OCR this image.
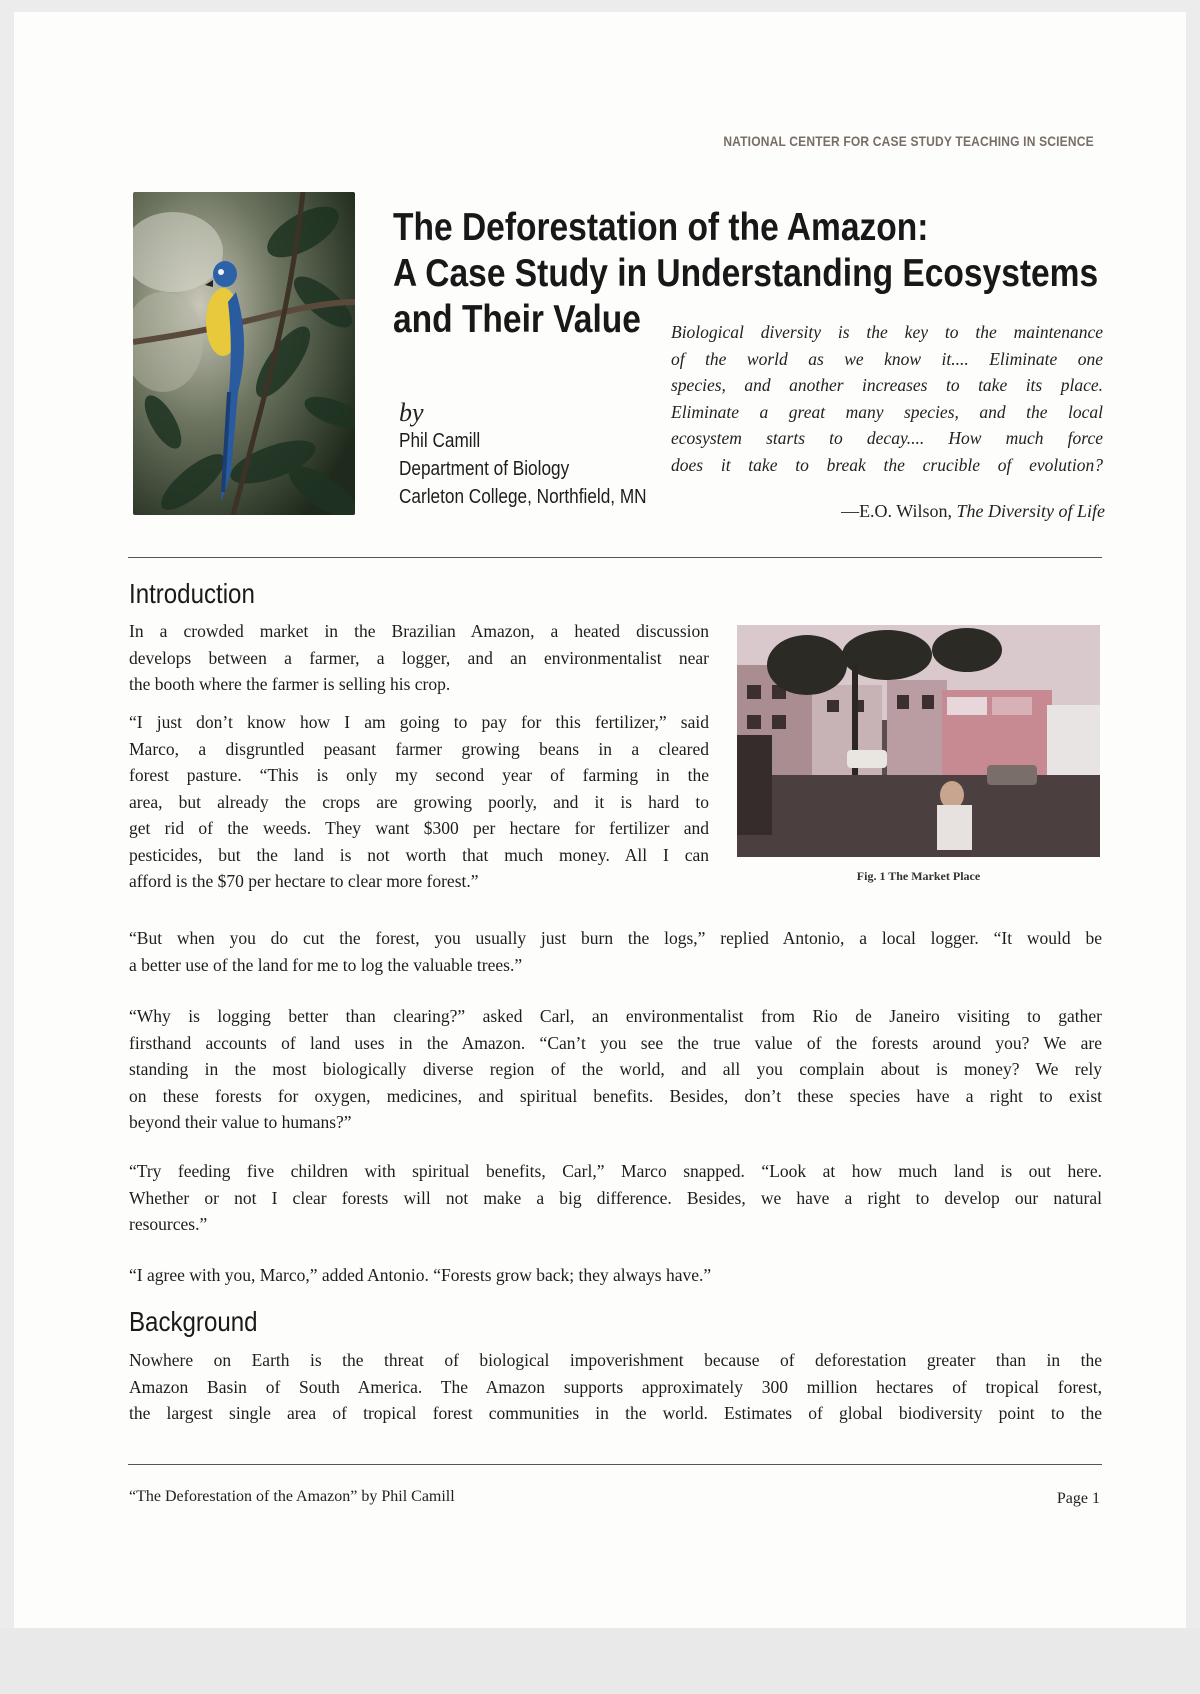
NATIONAL CENTER FOR CASE STUDY TEACHING IN SCIENCE
The Deforestation of the Amazon:
A Case Study in Understanding Ecosystems
and Their Value
by
Phil Camill
Department of Biology
Carleton College, Northfield, MN
Biological diversity is the key to the maintenance
of the world as we know it.... Eliminate one
species, and another increases to take its place.
Eliminate a great many species, and the local
ecosystem starts to decay.... How much force
does it take to break the crucible of evolution?
—E.O. Wilson, The Diversity of Life
Introduction

In a crowded market in the Brazilian Amazon, a heated discussion
develops between a farmer, a logger, and an environmentalist near
the booth where the farmer is selling his crop.

“I just don’t know how I am going to pay for this fertilizer,” said
Marco, a disgruntled peasant farmer growing beans in a cleared
forest pasture. “This is only my second year of farming in the
area, but already the crops are growing poorly, and it is hard to
get rid of the weeds. They want $300 per hectare for fertilizer and
pesticides, but the land is not worth that much money. All I can
afford is the $70 per hectare to clear more forest.”	Fig. 1 The Market Place

“But when you do cut the forest, you usually just burn the logs,” replied Antonio, a local logger. “It would be
a better use of the land for me to log the valuable trees.”

“Why is logging better than clearing?” asked Carl, an environmentalist from Rio de Janeiro visiting to gather
firsthand accounts of land uses in the Amazon. “Can’t you see the true value of the forests around you? We are
standing in the most biologically diverse region of the world, and all you complain about is money? We rely
on these forests for oxygen, medicines, and spiritual benefits. Besides, don’t these species have a right to exist
beyond their value to humans?”

“Try feeding five children with spiritual benefits, Carl,” Marco snapped. “Look at how much land is out here.
Whether or not I clear forests will not make a big difference. Besides, we have a right to develop our natural
resources.”

“I agree with you, Marco,” added Antonio. “Forests grow back; they always have.”

Background

Nowhere on Earth is the threat of biological impoverishment because of deforestation greater than in the
Amazon Basin of South America. The Amazon supports approximately 300 million hectares of tropical forest,
the largest single area of tropical forest communities in the world. Estimates of global biodiversity point to the

“The Deforestation of the Amazon” by Phil Camill	Page 1
